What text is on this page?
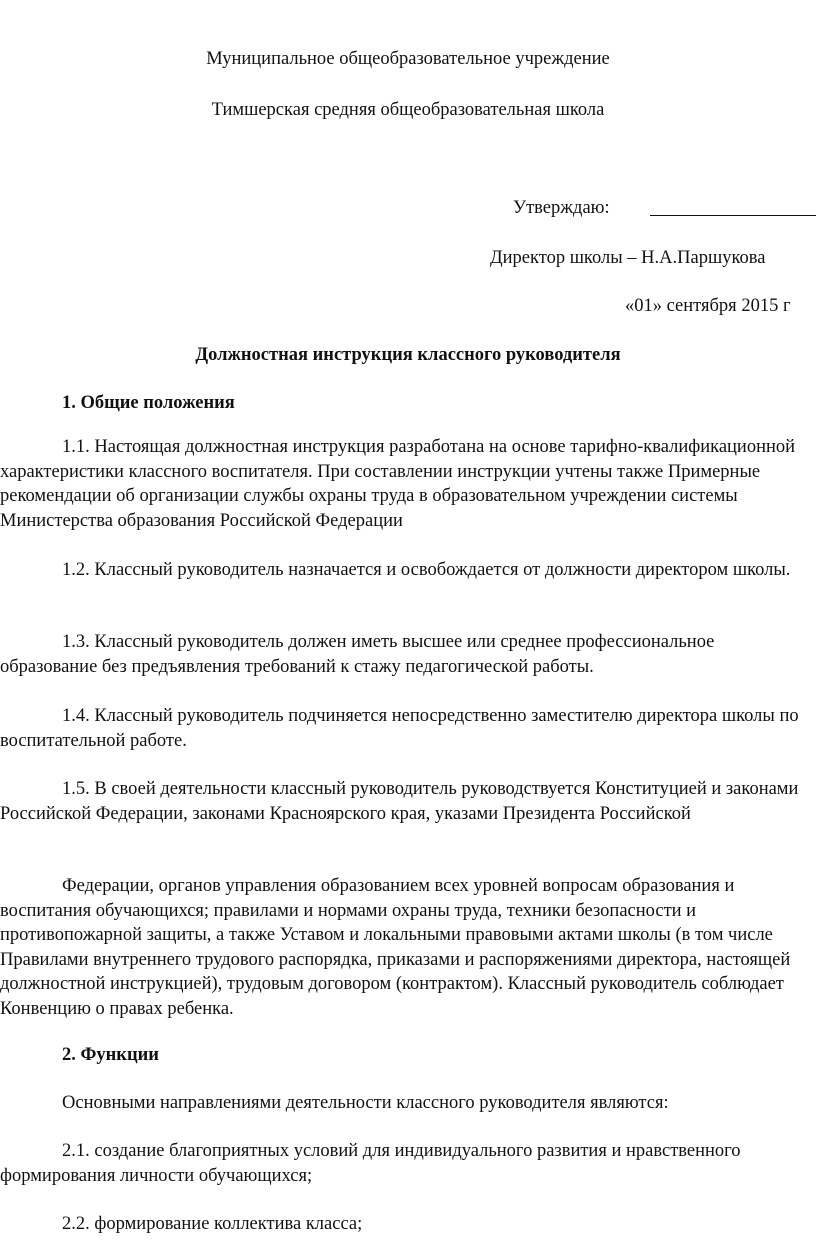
Муниципальное общеобразовательное учреждение
Тимшерская средняя общеобразовательная школа
Утверждаю:
Директор школы – Н.А.Паршукова
«01» сентября 2015 г
Должностная инструкция классного руководителя
1. Общие положения
1.1. Настоящая должностная инструкция разработана на основе тарифно-квалификационной характеристики классного воспитателя. При составлении инструкции учтены также Примерные рекомендации об организации службы охраны труда в образовательном учреждении системы Министерства образования Российской Федерации
1.2. Классный руководитель назначается и освобождается от должности директором школы.
1.3. Классный руководитель должен иметь высшее или среднее профессиональное образование без предъявления требований к стажу педагогической работы.
1.4. Классный руководитель подчиняется непосредственно заместителю директора школы по воспитательной работе.
1.5. В своей деятельности классный руководитель руководствуется Конституцией и законами Российской Федерации, законами Красноярского края, указами Президента Российской
Федерации, органов управления образованием всех уровней вопросам образования и воспитания обучающихся; правилами и нормами охраны труда, техники безопасности и противопожарной защиты, а также Уставом и локальными правовыми актами школы (в том числе Правилами внутреннего трудового распорядка, приказами и распоряжениями директора, настоящей должностной инструкцией), трудовым договором (контрактом). Классный руководитель соблюдает Конвенцию о правах ребенка.
2. Функции
Основными направлениями деятельности классного руководителя являются:
2.1. создание благоприятных условий для индивидуального развития и нравственного формирования личности обучающихся;
2.2. формирование коллектива класса;
